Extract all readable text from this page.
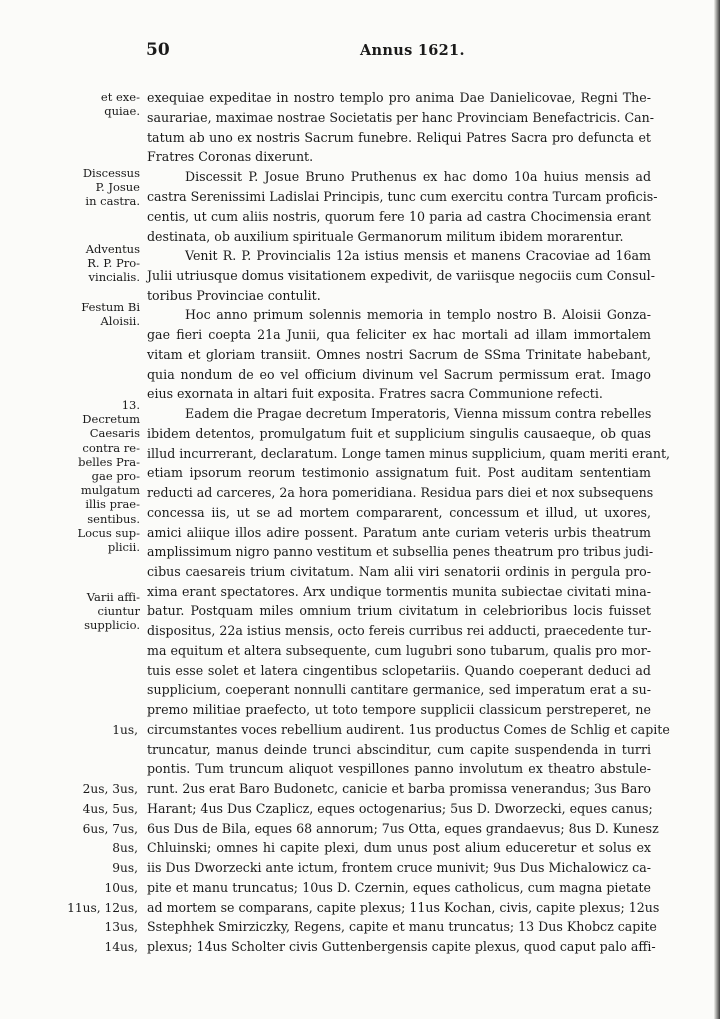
50	Annus 1621.
et exe-
quiae.
Discessus
P. Josue
in castra.
Adventus
R. P. Pro-
vincialis.
Festum Bi
Aloisii.
13.
Decretum
Caesaris
contra re-
belles Pra-
gae pro-
mulgatum
illis prae-
sentibus.
Locus sup-
plicii.
Varii affi-
ciuntur
supplicio.
exequiae expeditae in nostro templo pro anima Dae Danielicovae, Regni The-
saurariae, maximae nostrae Societatis per hanc Provinciam Benefactricis. Can-
tatum ab uno ex nostris Sacrum funebre. Reliqui Patres Sacra pro defuncta et
Fratres Coronas dixerunt.
Discessit P. Josue Bruno Pruthenus ex hac domo 10a huius mensis ad
castra Serenissimi Ladislai Principis, tunc cum exercitu contra Turcam proficis-
centis, ut cum aliis nostris, quorum fere 10 paria ad castra Chocimensia erant
destinata, ob auxilium spirituale Germanorum militum ibidem morarentur.
Venit R. P. Provincialis 12a istius mensis et manens Cracoviae ad 16am
Julii utriusque domus visitationem expedivit, de variisque negociis cum Consul-
toribus Provinciae contulit.
Hoc anno primum solennis memoria in templo nostro B. Aloisii Gonza-
gae fieri coepta 21a Junii, qua feliciter ex hac mortali ad illam immortalem
vitam et gloriam transiit. Omnes nostri Sacrum de SSma Trinitate habebant,
quia nondum de eo vel officium divinum vel Sacrum permissum erat. Imago
eius exornata in altari fuit exposita. Fratres sacra Communione refecti.
Eadem die Pragae decretum Imperatoris, Vienna missum contra rebelles
ibidem detentos, promulgatum fuit et supplicium singulis causaeque, ob quas
illud incurrerant, declaratum. Longe tamen minus supplicium, quam meriti erant,
etiam ipsorum reorum testimonio assignatum fuit. Post auditam sententiam
reducti ad carceres, 2a hora pomeridiana. Residua pars diei et nox subsequens
concessa iis, ut se ad mortem compararent, concessum et illud, ut uxores,
amici aliique illos adire possent. Paratum ante curiam veteris urbis theatrum
amplissimum nigro panno vestitum et subsellia penes theatrum pro tribus judi-
cibus caesareis trium civitatum. Nam alii viri senatorii ordinis in pergula pro-
xima erant spectatores. Arx undique tormentis munita subiectae civitati mina-
batur. Postquam miles omnium trium civitatum in celebrioribus locis fuisset
dispositus, 22a istius mensis, octo fereis curribus rei adducti, praecedente tur-
ma equitum et altera subsequente, cum lugubri sono tubarum, qualis pro mor-
tuis esse solet et latera cingentibus sclopetariis. Quando coeperant deduci ad
supplicium, coeperant nonnulli cantitare germanice, sed imperatum erat a su-
premo militiae praefecto, ut toto tempore supplicii classicum perstreperet, ne
circumstantes voces rebellium audirent. 1us productus Comes de Schlig et capite
truncatur, manus deinde trunci abscinditur, cum capite suspendenda in turri
pontis. Tum truncum aliquot vespillones panno involutum ex theatro abstule-
runt. 2us erat Baro Budonetc, canicie et barba promissa venerandus; 3us Baro
Harant; 4us Dus Czaplicz, eques octogenarius; 5us D. Dworzecki, eques canus;
6us Dus de Bila, eques 68 annorum; 7us Otta, eques grandaevus; 8us D. Kunesz
Chluinski; omnes hi capite plexi, dum unus post alium educeretur et solus ex
iis Dus Dworzecki ante ictum, frontem cruce munivit; 9us Dus Michalowicz ca-
pite et manu truncatus; 10us D. Czernin, eques catholicus, cum magna pietate
ad mortem se comparans, capite plexus; 11us Kochan, civis, capite plexus; 12us
Sstephhek Smirziczky, Regens, capite et manu truncatus; 13 Dus Khobcz capite
plexus; 14us Scholter civis Guttenbergensis capite plexus, quod caput palo affi-
1us,
2us, 3us,
4us, 5us,
6us, 7us,
8us,
9us,
10us,
11us, 12us,
13us,
14us,
